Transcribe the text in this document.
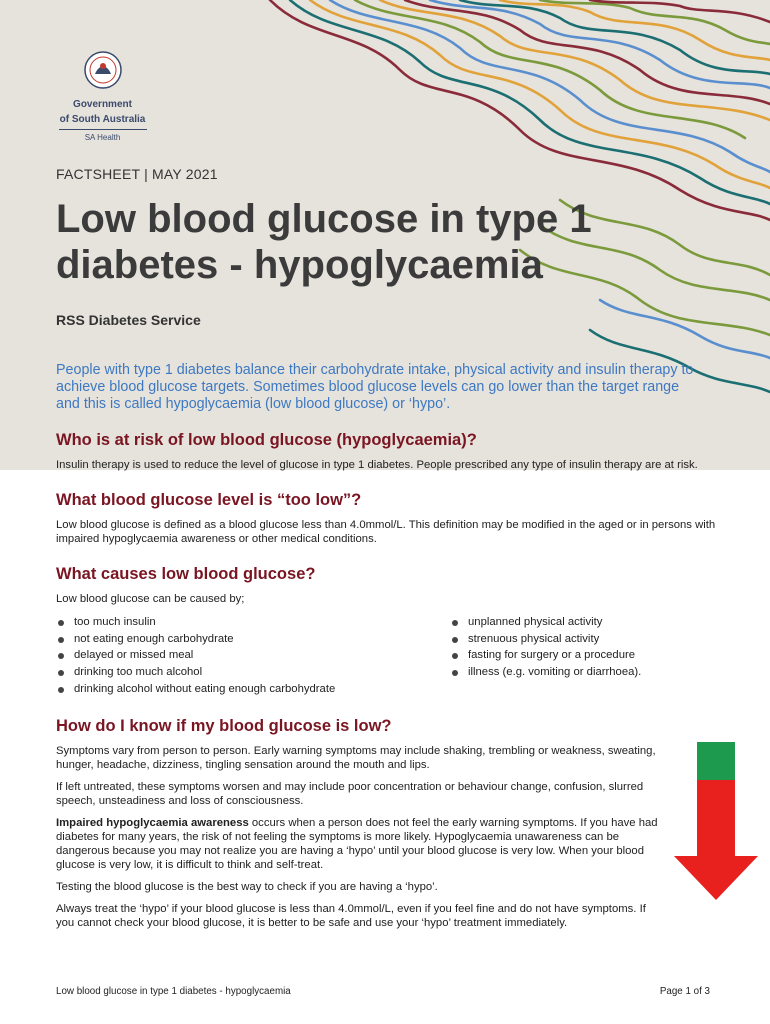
Government
of South Australia
SA Health
FACTSHEET | MAY 2021
Low blood glucose in type 1
diabetes - hypoglycaemia
RSS Diabetes Service

People with type 1 diabetes balance their carbohydrate intake, physical activity and insulin therapy to achieve blood glucose targets. Sometimes blood glucose levels can go lower than the target range and this is called hypoglycaemia (low blood glucose) or ‘hypo’.

Who is at risk of low blood glucose (hypoglycaemia)?

Insulin therapy is used to reduce the level of glucose in type 1 diabetes. People prescribed any type of insulin therapy are at risk.

What blood glucose level is “too low”?

Low blood glucose is defined as a blood glucose less than 4.0mmol/L. This definition may be modified in the aged or in persons with impaired hypoglycaemia awareness or other medical conditions.

What causes low blood glucose?

Low blood glucose can be caused by;

too much insulin
not eating enough carbohydrate
delayed or missed meal
drinking too much alcohol
drinking alcohol without eating enough carbohydrate
unplanned physical activity
strenuous physical activity
fasting for surgery or a procedure
illness (e.g. vomiting or diarrhoea).
How do I know if my blood glucose is low?

Symptoms vary from person to person. Early warning symptoms may include shaking, trembling or weakness, sweating, hunger, headache, dizziness, tingling sensation around the mouth and lips.

If left untreated, these symptoms worsen and may include poor concentration or behaviour change, confusion, slurred speech, unsteadiness and loss of consciousness.

Impaired hypoglycaemia awareness occurs when a person does not feel the early warning symptoms. If you have had diabetes for many years, the risk of not feeling the symptoms is more likely. Hypoglycaemia unawareness can be dangerous because you may not realize you are having a ‘hypo’ until your blood glucose is very low. When your blood glucose is very low, it is difficult to think and self-treat.

Testing the blood glucose is the best way to check if you are having a ‘hypo’.

Always treat the ‘hypo’ if your blood glucose is less than 4.0mmol/L, even if you feel fine and do not have symptoms. If you cannot check your blood glucose, it is better to be safe and use your ‘hypo’ treatment immediately.

Low blood glucose in type 1 diabetes - hypoglycaemia	Page 1 of 3
